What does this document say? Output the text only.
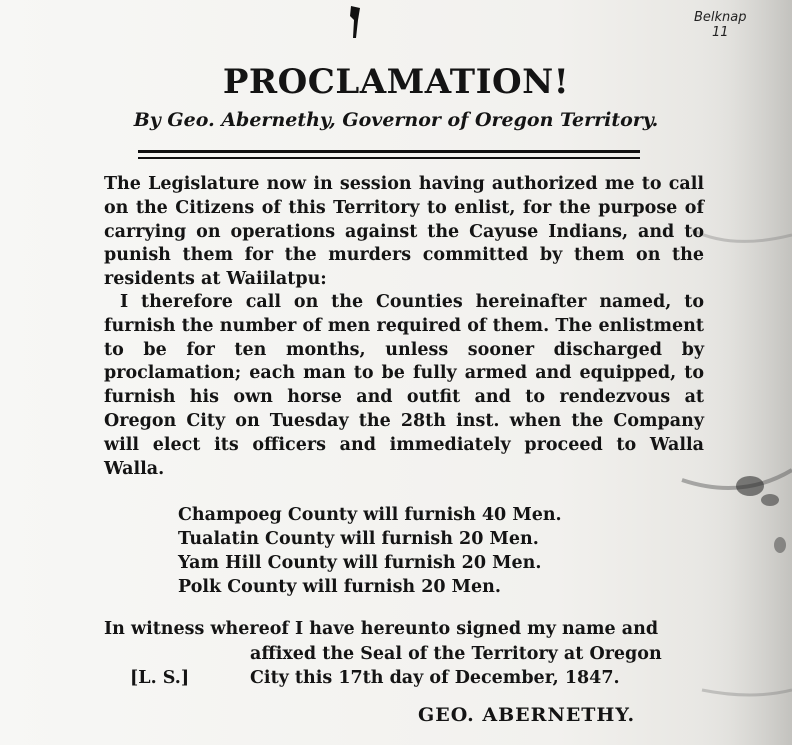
Belknap
11
PROCLAMATION!

By Geo. Abernethy, Governor of Oregon Territory.

The Legislature now in session having authorized me to call on the Citizens of this Territory to enlist, for the purpose of carrying on operations against the Cayuse Indians, and to punish them for the murders committed by them on the residents at Waiilatpu:

I therefore call on the Counties hereinafter named, to furnish the number of men required of them. The enlistment to be for ten months, unless sooner discharged by proclamation; each man to be fully armed and equipped, to furnish his own horse and outfit and to rendezvous at Oregon City on Tuesday the 28th inst. when the Company will elect its officers and immediately proceed to Walla Walla.

Champoeg County will furnish 40 Men.
Tualatin County will furnish 20 Men.
Yam Hill County will furnish 20 Men.
Polk County will furnish 20 Men.

In witness whereof I have hereunto signed my name and
affixed the Seal of the Territory at Oregon
City this 17th day of December, 1847.

[L. S.]
GEO. ABERNETHY.
